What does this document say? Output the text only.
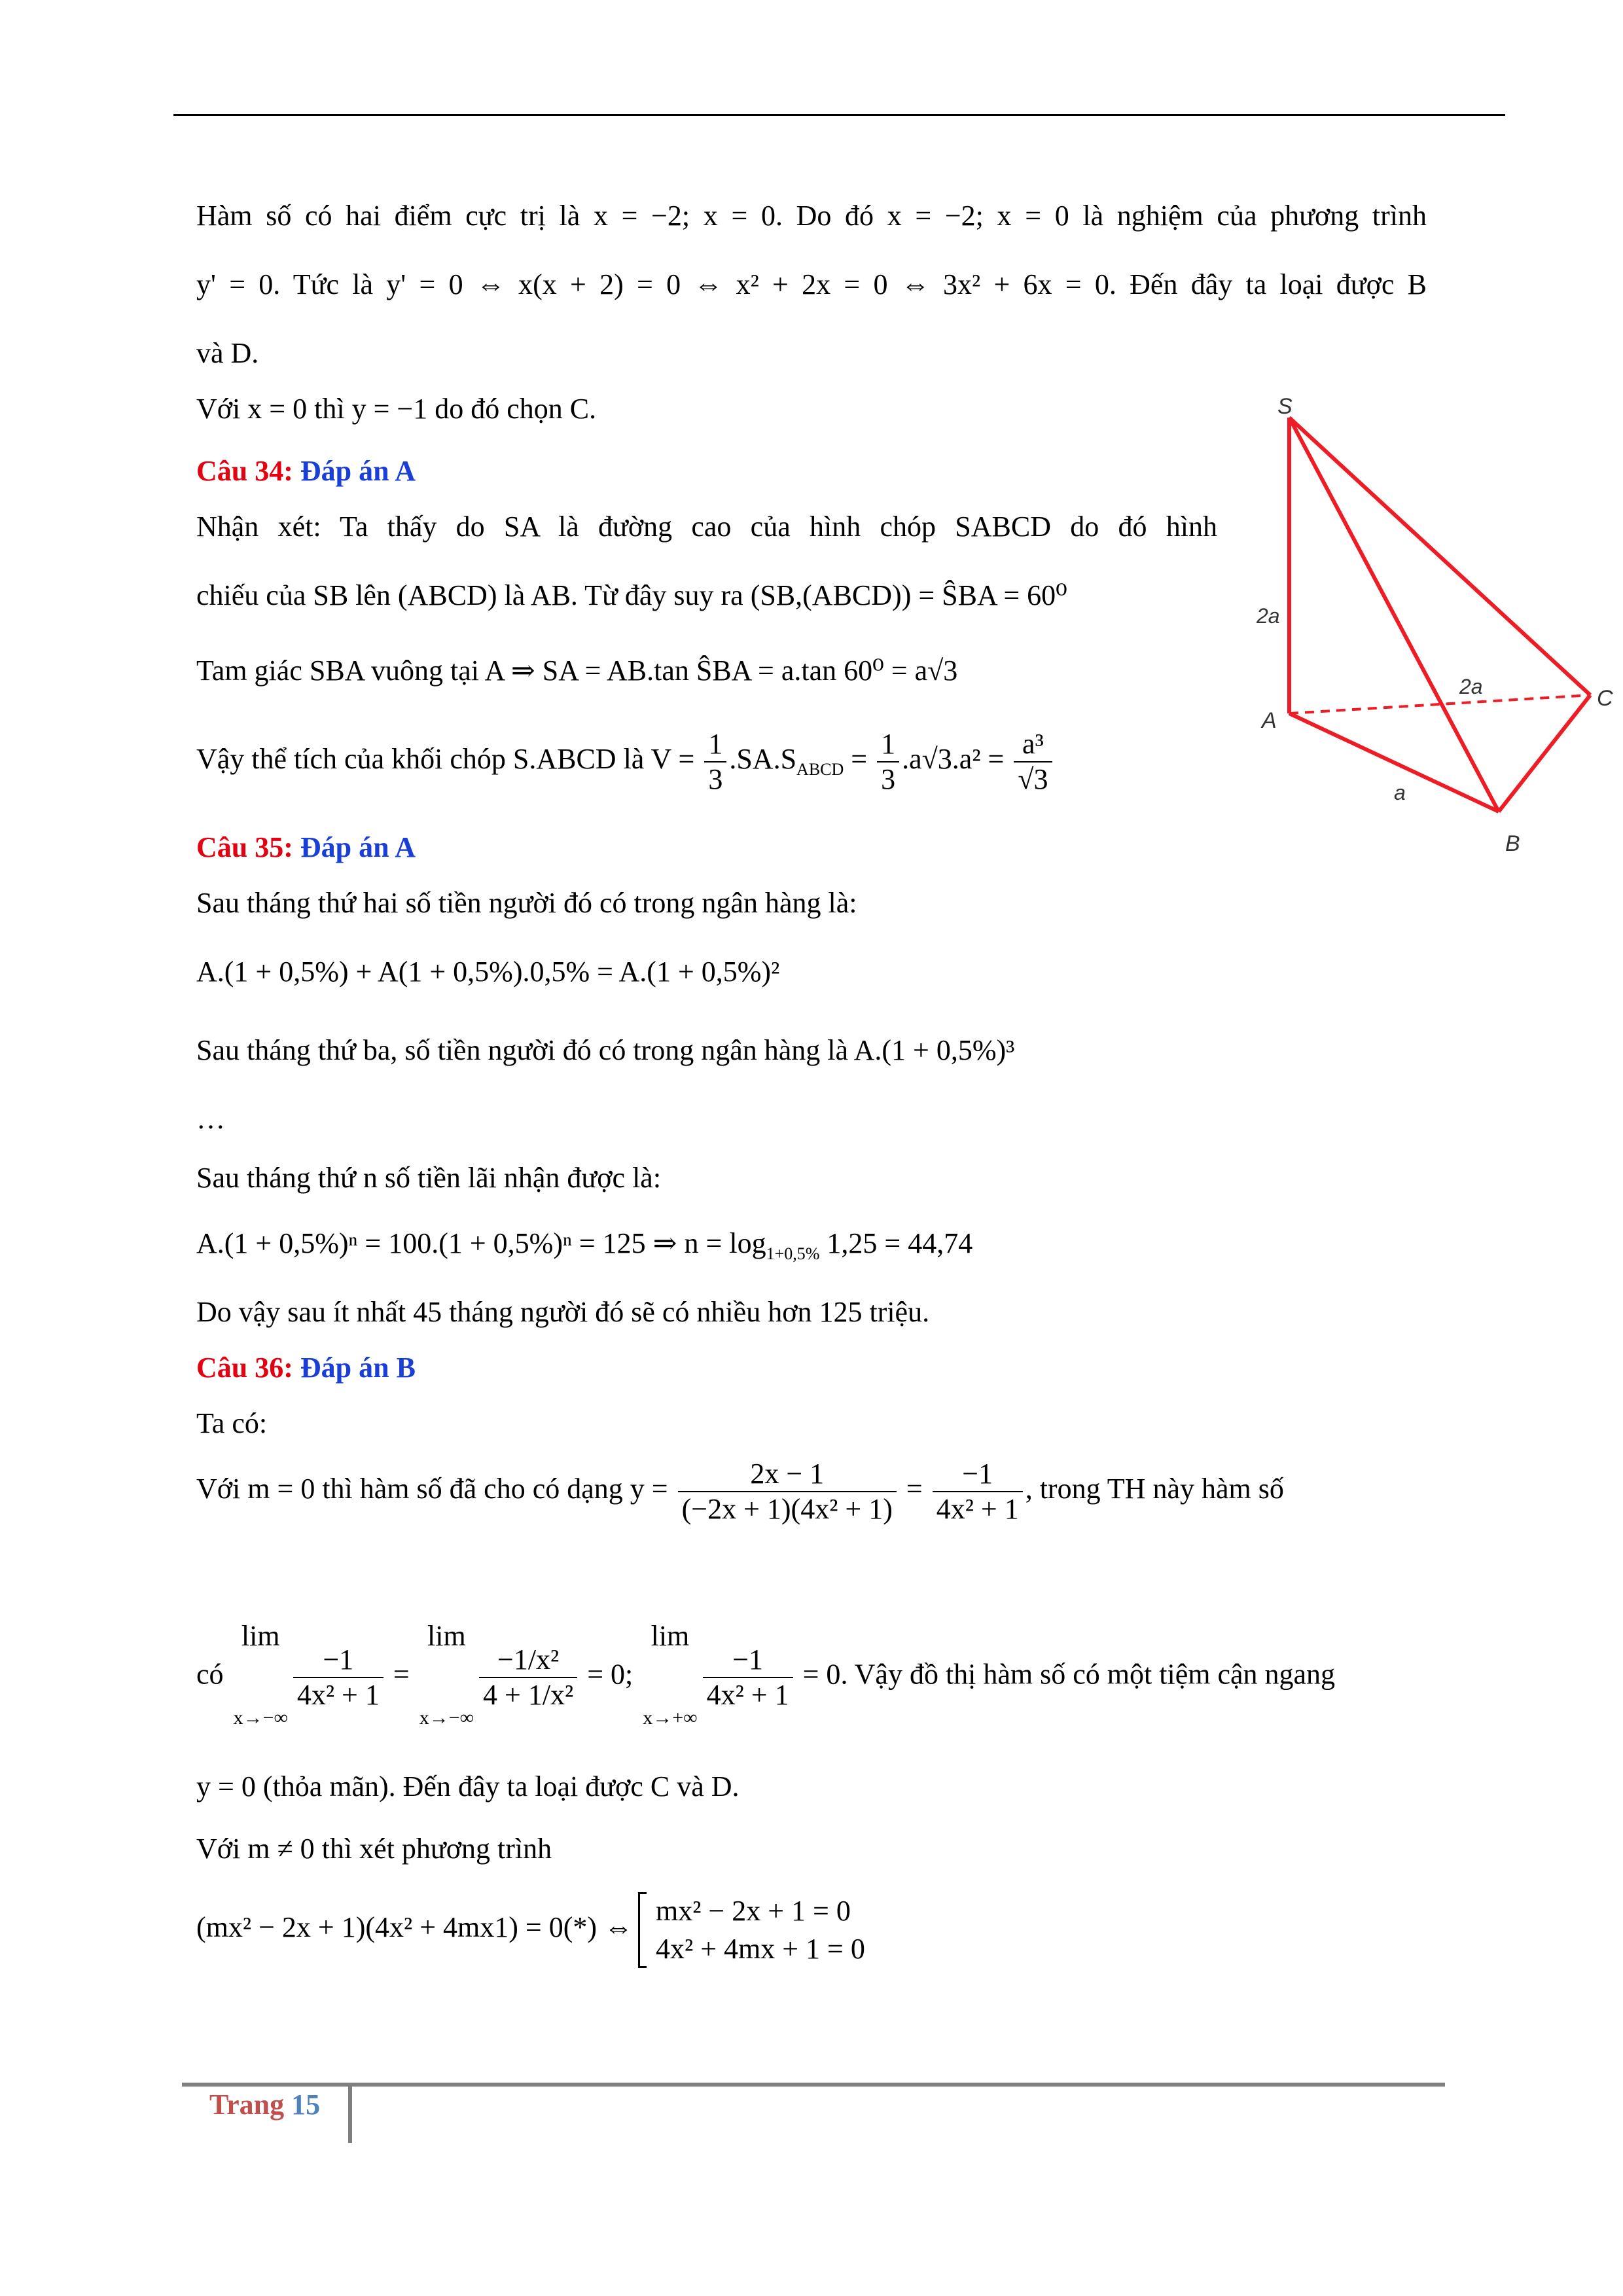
Hàm số có hai điểm cực trị là x = −2; x = 0. Do đó x = −2; x = 0 là nghiệm của phương trình
y' = 0. Tức là y' = 0 ⇔ x(x + 2) = 0 ⇔ x² + 2x = 0 ⇔ 3x² + 6x = 0. Đến đây ta loại được B
và D.
Với x = 0 thì y = −1 do đó chọn C.
Câu 34: Đáp án A
Nhận xét: Ta thấy do SA là đường cao của hình chóp SABCD do đó hình
chiếu của SB lên (ABCD) là AB. Từ đây suy ra (SB,(ABCD)) = ŜBA = 60⁰
Tam giác SBA vuông tại A ⇒ SA = AB.tan ŜBA = a.tan 60⁰ = a√3
Vậy thể tích của khối chóp S.ABCD là $V = \frac{1}{3} .SA.S_{ABCD} = \frac{1}{3} .a√3.a^2 = \frac{\text{a³}}{√3}$
S
A
B
C
2a
2a
a
Câu 35: Đáp án A
Sau tháng thứ hai số tiền người đó có trong ngân hàng là:
A.(1 + 0,5%) + A(1 + 0,5%).0,5% = A.(1 + 0,5%)²
Sau tháng thứ ba, số tiền người đó có trong ngân hàng là A.(1 + 0,5%)³
…
Sau tháng thứ n số tiền lãi nhận được là:
A.(1 + 0,5%)ⁿ = 100.(1 + 0,5%)ⁿ = 125 ⇒ $n = \log_{1+0,5\%} 1,25 = 44,74$
Do vậy sau ít nhất 45 tháng người đó sẽ có nhiều hơn 125 triệu.
Câu 36: Đáp án B
Ta có:
Với m = 0 thì hàm số đã cho có dạng $y = \frac{2x - 1}{\text{(−2x + 1)(4x² + 1)}} = \frac{-1}{\text{4x² + 1}}$ , trong TH này hàm số
có lim
x→−∞
$\frac{-1}{\text{4x² + 1}} = \lim$
x→−∞
$\frac{\text{−1/x²}}{\text{4 + 1/x²}} = 0$; lim
x→+∞
$\frac{-1}{\text{4x² + 1}} = 0$. Vậy đồ thị hàm số có một tiệm cận ngang
y = 0 (thỏa mãn). Đến đây ta loại được C và D.
Với m ≠ 0 thì xét phương trình
(mx² − 2x + 1)(4x² + 4mx1) = 0(*) ⇔mx² − 2x + 1 = 0
4x² + 4mx + 1 = 0
Trang 15
